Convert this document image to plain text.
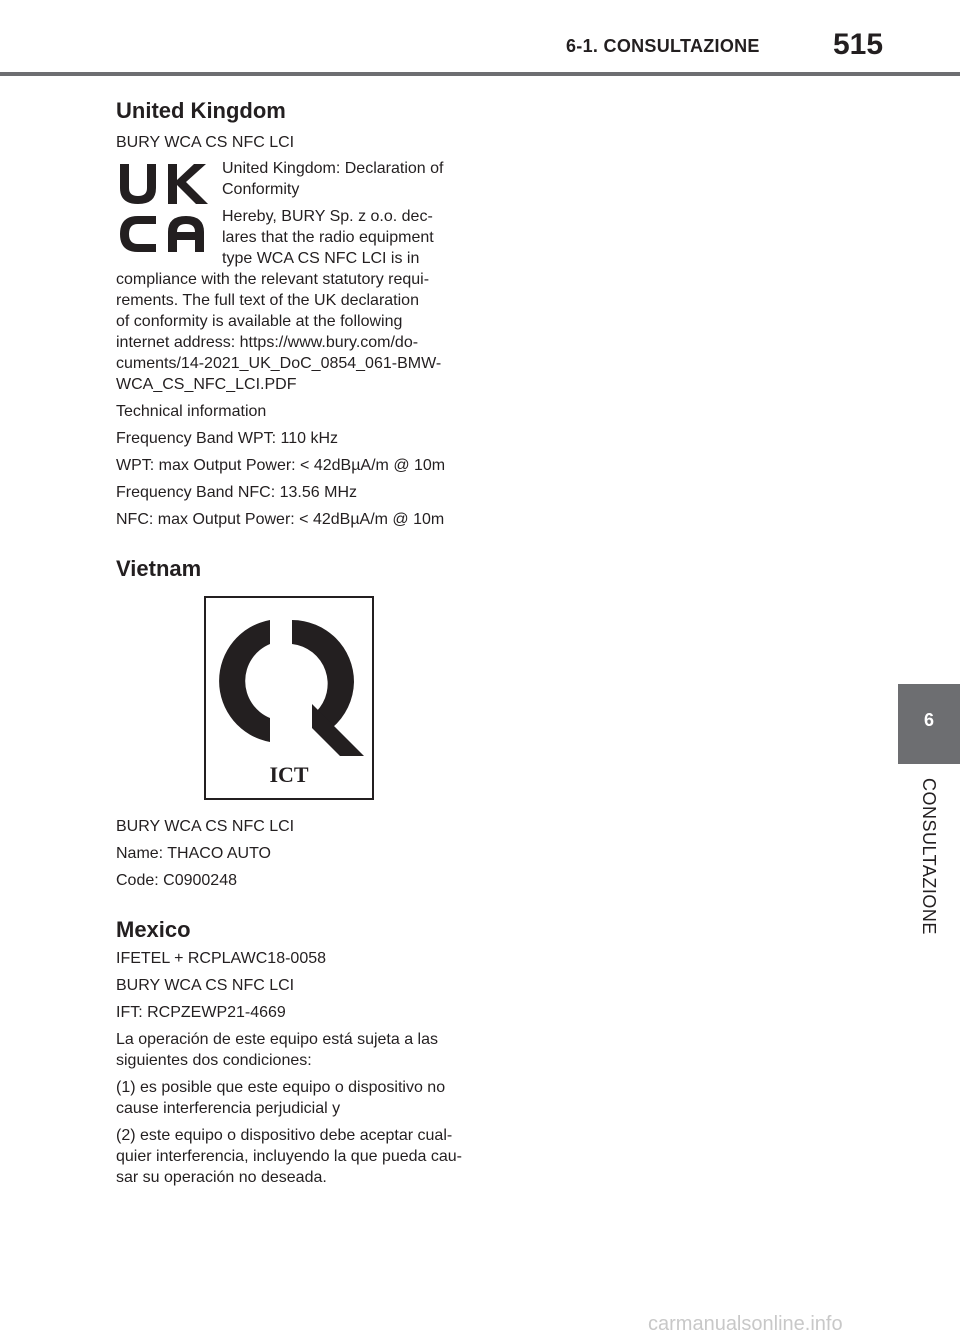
6-1. CONSULTAZIONE 515
6
CONSULTAZIONE
United Kingdom
BURY WCA CS NFC LCI
United Kingdom: Declaration of
Conformity
Hereby, BURY Sp. z o.o. dec-
lares that the radio equipment
type WCA CS NFC LCI is in
compliance with the relevant statutory requi-
rements. The full text of the UK declaration
of conformity is available at the following
internet address: https://www.bury.com/do-
cuments/14-2021_UK_DoC_0854_061-BMW-
WCA_CS_NFC_LCI.PDF
Technical information
Frequency Band WPT: 110 kHz
WPT: max Output Power: < 42dBµA/m @ 10m
Frequency Band NFC: 13.56 MHz
NFC: max Output Power: < 42dBµA/m @ 10m
Vietnam
ICT
BURY WCA CS NFC LCI
Name: THACO AUTO
Code: C0900248
Mexico
IFETEL + RCPLAWC18-0058
BURY WCA CS NFC LCI
IFT: RCPZEWP21-4669
La operación de este equipo está sujeta a las
siguientes dos condiciones:
(1) es posible que este equipo o dispositivo no
cause interferencia perjudicial y
(2) este equipo o dispositivo debe aceptar cual-
quier interferencia, incluyendo la que pueda cau-
sar su operación no deseada.
carmanualsonline.info
